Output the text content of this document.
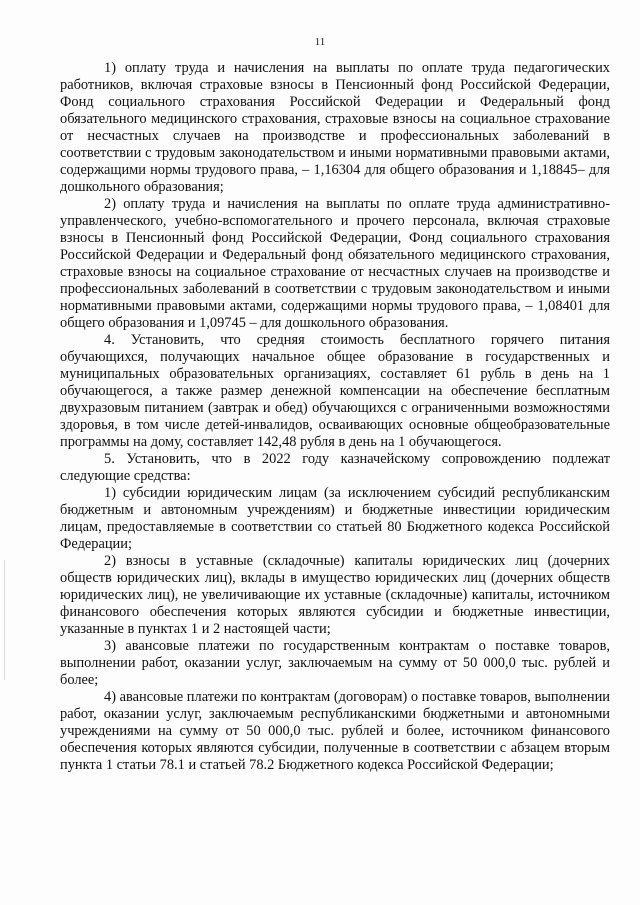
11

1) оплату труда и начисления на выплаты по оплате труда педагогических работников, включая страховые взносы в Пенсионный фонд Российской Федерации, Фонд социального страхования Российской Федерации и Федеральный фонд обязательного медицинского страхования, страховые взносы на социальное страхование от несчастных случаев на производстве и профессиональных заболеваний в соответствии с трудовым законодательством и иными нормативными правовыми актами, содержащими нормы трудового права, – 1,16304 для общего образования и 1,18845– для дошкольного образования;

2) оплату труда и начисления на выплаты по оплате труда административно-управленческого, учебно-вспомогательного и прочего персонала, включая страховые взносы в Пенсионный фонд Российской Федерации, Фонд социального страхования Российской Федерации и Федеральный фонд обязательного медицинского страхования, страховые взносы на социальное страхование от несчастных случаев на производстве и профессиональных заболеваний в соответствии с трудовым законодательством и иными нормативными правовыми актами, содержащими нормы трудового права, – 1,08401 для общего образования и 1,09745 – для дошкольного образования.

4. Установить, что средняя стоимость бесплатного горячего питания обучающихся, получающих начальное общее образование в государственных и муниципальных образовательных организациях, составляет 61 рубль в день на 1 обучающегося, а также размер денежной компенсации на обеспечение бесплатным двухразовым питанием (завтрак и обед) обучающихся с ограниченными возможностями здоровья, в том числе детей-инвалидов, осваивающих основные общеобразовательные программы на дому, составляет 142,48 рубля в день на 1 обучающегося.

5. Установить, что в 2022 году казначейскому сопровождению подлежат следующие средства:

1) субсидии юридическим лицам (за исключением субсидий республиканским бюджетным и автономным учреждениям) и бюджетные инвестиции юридическим лицам, предоставляемые в соответствии со статьей 80 Бюджетного кодекса Российской Федерации;

2) взносы в уставные (складочные) капиталы юридических лиц (дочерних обществ юридических лиц), вклады в имущество юридических лиц (дочерних обществ юридических лиц), не увеличивающие их уставные (складочные) капиталы, источником финансового обеспечения которых являются субсидии и бюджетные инвестиции, указанные в пунктах 1 и 2 настоящей части;

3) авансовые платежи по государственным контрактам о поставке товаров, выполнении работ, оказании услуг, заключаемым на сумму от 50 000,0 тыс. рублей и более;

4) авансовые платежи по контрактам (договорам) о поставке товаров, выполнении работ, оказании услуг, заключаемым республиканскими бюджетными и автономными учреждениями на сумму от 50 000,0 тыс. рублей и более, источником финансового обеспечения которых являются субсидии, полученные в соответствии с абзацем вторым пункта 1 статьи 78.1 и статьей 78.2 Бюджетного кодекса Российской Федерации;
